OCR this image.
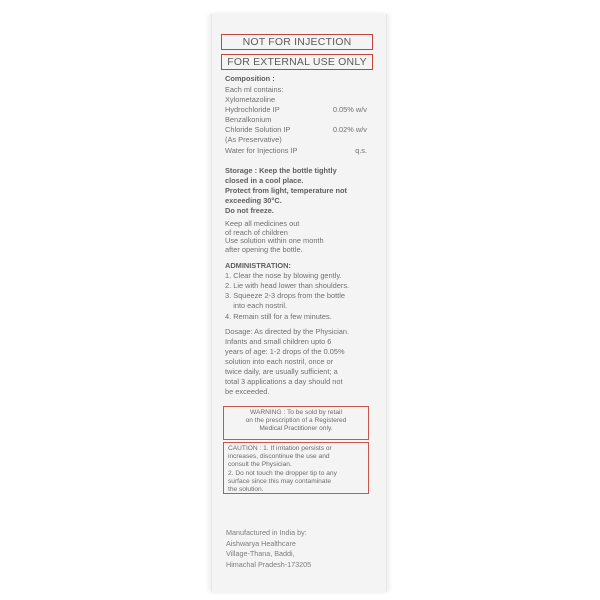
NOT FOR INJECTION
FOR EXTERNAL USE ONLY
Composition :
Each ml contains:
Xylometazoline
Hydrochloride IP	0.05% w/v
Benzalkonium
Chloride Solution IP	0.02% w/v
(As Preservative)
Water for Injections IP	q.s.
Storage : Keep the bottle tightly
closed in a cool place.
Protect from light, temperature not
exceeding 30°C.
Do not freeze.
Keep all medicines out
of reach of children
Use solution within one month
after opening the bottle.
ADMINISTRATION:
1. Clear the nose by blowing gently.
2. Lie with head lower than shoulders.
3. Squeeze 2-3 drops from the bottle
into each nostril.
4. Remain still for a few minutes.
Dosage: As directed by the Physician.
Infants and small children upto 6
years of age: 1-2 drops of the 0.05%
solution into each nostril, once or
twice daily, are usually sufficient; a
total 3 applications a day should not
be exceeded.
WARNING : To be sold by retail
on the prescription of a Registered
Medical Practitioner only.
CAUTION : 1. If irritation persists or
increases, discontinue the use and
consult the Physician.
2. Do not touch the dropper tip to any
surface since this may contaminate
the solution.
Manufactured in India by:
Aishwarya Healthcare
Village-Thana, Baddi,
Himachal Pradesh-173205
